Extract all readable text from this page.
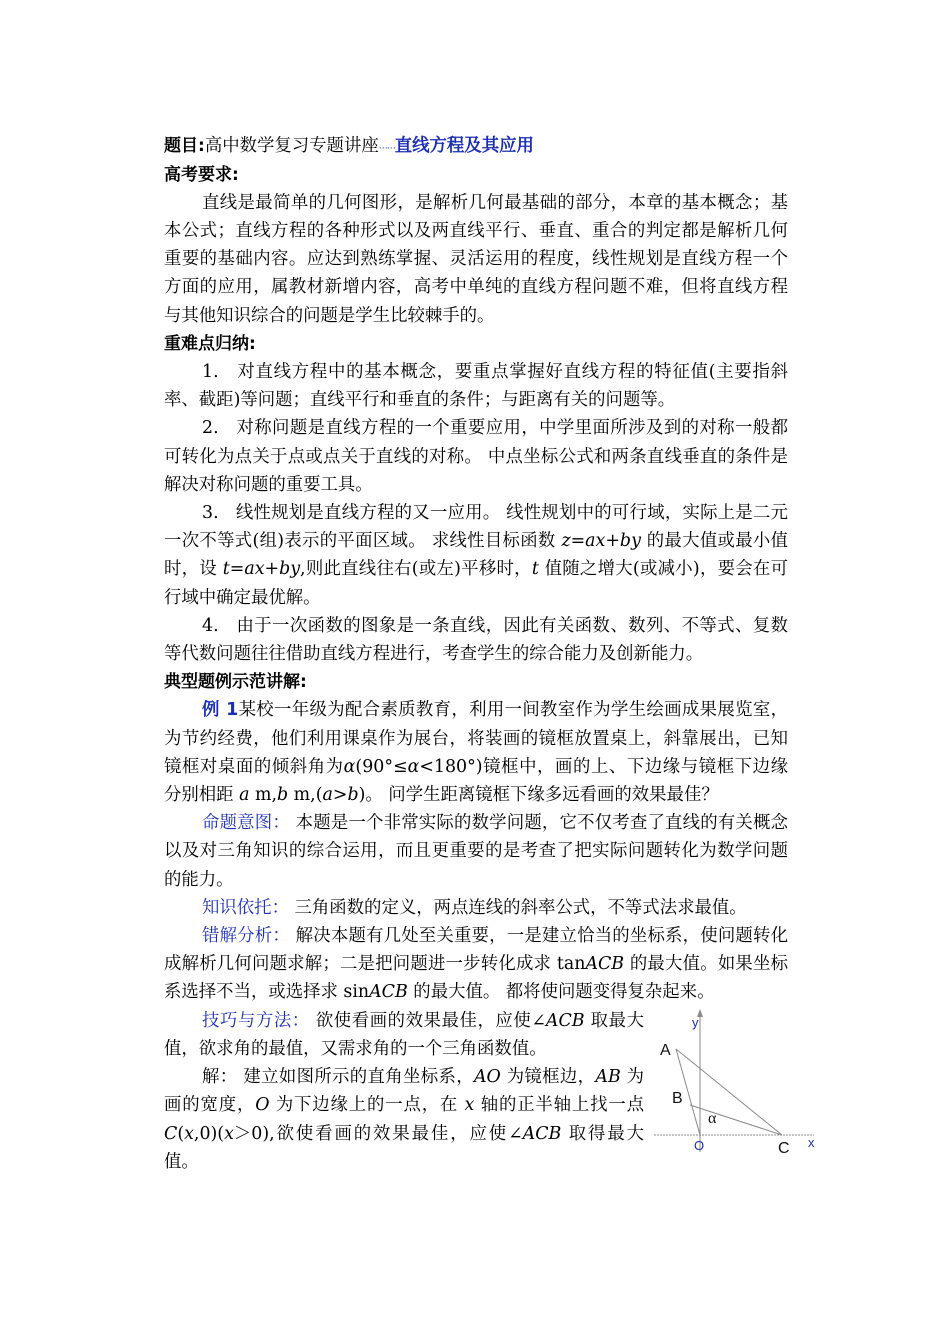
题目:高中数学复习专题讲座……直线方程及其应用

高考要求:

直线是最简单的几何图形，是解析几何最基础的部分，本章的基本概念；基本公式；直线方程的各种形式以及两直线平行、垂直、重合的判定都是解析几何重要的基础内容。应达到熟练掌握、灵活运用的程度，线性规划是直线方程一个方面的应用，属教材新增内容，高考中单纯的直线方程问题不难，但将直线方程与其他知识综合的问题是学生比较棘手的。

重难点归纳:

1. 对直线方程中的基本概念，要重点掌握好直线方程的特征值(主要指斜率、截距)等问题；直线平行和垂直的条件；与距离有关的问题等。

2. 对称问题是直线方程的一个重要应用，中学里面所涉及到的对称一般都可转化为点关于点或点关于直线的对称。 中点坐标公式和两条直线垂直的条件是解决对称问题的重要工具。

3. 线性规划是直线方程的又一应用。 线性规划中的可行域，实际上是二元一次不等式(组)表示的平面区域。 求线性目标函数 z=ax+by 的最大值或最小值时，设 t=ax+by,则此直线往右(或左)平移时，t 值随之增大(或减小)，要会在可行域中确定最优解。

4. 由于一次函数的图象是一条直线，因此有关函数、数列、不等式、复数等代数问题往往借助直线方程进行，考查学生的综合能力及创新能力。

典型题例示范讲解:

例 1某校一年级为配合素质教育，利用一间教室作为学生绘画成果展览室，为节约经费，他们利用课桌作为展台，将装画的镜框放置桌上，斜靠展出，已知镜框对桌面的倾斜角为α(90°≤α<180°)镜框中，画的上、下边缘与镜框下边缘分别相距 a m,b m,(a>b)。 问学生距离镜框下缘多远看画的效果最佳？

命题意图： 本题是一个非常实际的数学问题，它不仅考查了直线的有关概念以及对三角知识的综合运用，而且更重要的是考查了把实际问题转化为数学问题的能力。

知识依托： 三角函数的定义，两点连线的斜率公式，不等式法求最值。

错解分析： 解决本题有几处至关重要，一是建立恰当的坐标系，使问题转化成解析几何问题求解；二是把问题进一步转化成求 tanACB 的最大值。如果坐标系选择不当，或选择求 sinACB 的最大值。 都将使问题变得复杂起来。

技巧与方法： 欲使看画的效果最佳，应使∠ACB 取最大值，欲求角的最值，又需求角的一个三角函数值。

解： 建立如图所示的直角坐标系，AO 为镜框边，AB 为画的宽度，O 为下边缘上的一点，在 x 轴的正半轴上找一点 C(x,0)(x＞0),欲使看画的效果最佳，应使∠ACB 取得最大值。

y
A
B
α
O	C x
